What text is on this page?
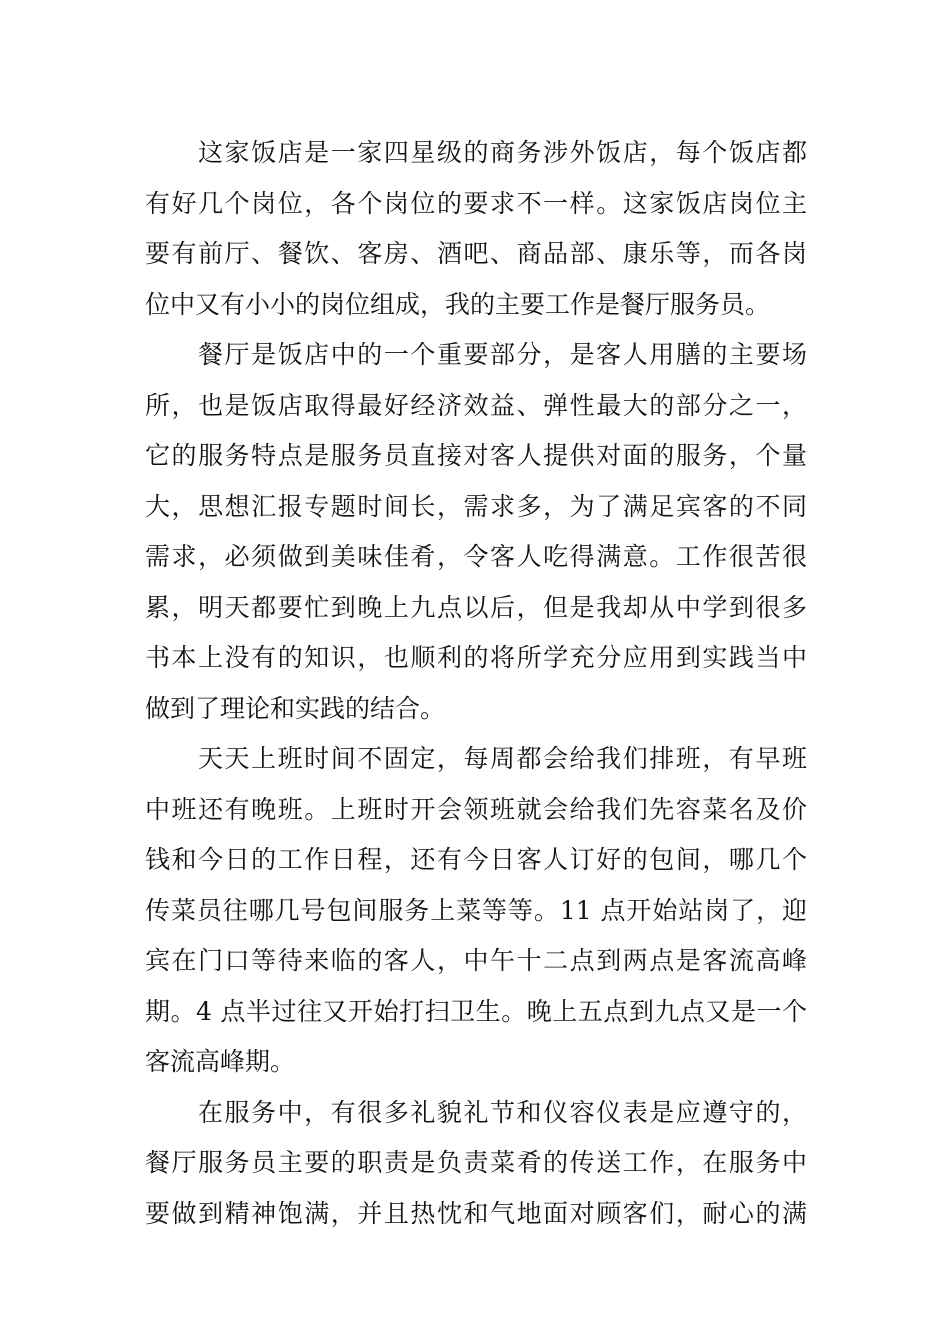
这家饭店是一家四星级的商务涉外饭店，每个饭店都
有好几个岗位，各个岗位的要求不一样。这家饭店岗位主
要有前厅、餐饮、客房、酒吧、商品部、康乐等，而各岗
位中又有小小的岗位组成，我的主要工作是餐厅服务员。
餐厅是饭店中的一个重要部分，是客人用膳的主要场
所，也是饭店取得最好经济效益、弹性最大的部分之一，
它的服务特点是服务员直接对客人提供对面的服务，个量
大，思想汇报专题时间长，需求多，为了满足宾客的不同
需求，必须做到美味佳肴，令客人吃得满意。工作很苦很
累，明天都要忙到晚上九点以后，但是我却从中学到很多
书本上没有的知识，也顺利的将所学充分应用到实践当中
做到了理论和实践的结合。
天天上班时间不固定，每周都会给我们排班，有早班
中班还有晚班。上班时开会领班就会给我们先容菜名及价
钱和今日的工作日程，还有今日客人订好的包间，哪几个
传菜员往哪几号包间服务上菜等等。11 点开始站岗了，迎
宾在门口等待来临的客人，中午十二点到两点是客流高峰
期。4 点半过往又开始打扫卫生。晚上五点到九点又是一个
客流高峰期。
在服务中，有很多礼貌礼节和仪容仪表是应遵守的，
餐厅服务员主要的职责是负责菜肴的传送工作，在服务中
要做到精神饱满，并且热忱和气地面对顾客们，耐心的满
